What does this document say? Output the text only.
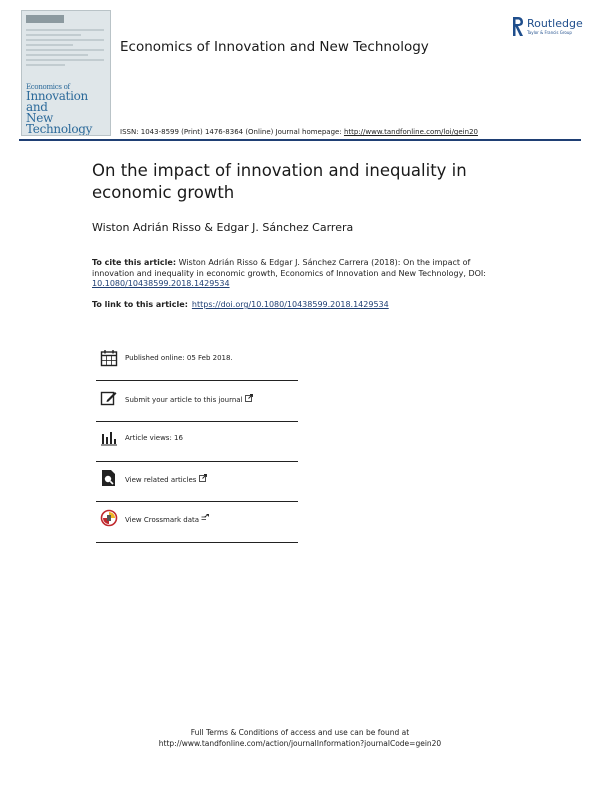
Economics of
Innovation and
New Technology
Economics of Innovation and New Technology
Routledge
Taylor & Francis Group
ISSN: 1043-8599 (Print) 1476-8364 (Online) Journal homepage: http://www.tandfonline.com/loi/gein20
On the impact of innovation and inequality in economic growth
Wiston Adrián Risso & Edgar J. Sánchez Carrera
To cite this article: Wiston Adrián Risso & Edgar J. Sánchez Carrera (2018): On the impact of innovation and inequality in economic growth, Economics of Innovation and New Technology, DOI: 10.1080/10438599.2018.1429534
To link to this article: https://doi.org/10.1080/10438599.2018.1429534
Published online: 05 Feb 2018.
Submit your article to this journal
Article views: 16
View related articles
View Crossmark data
Full Terms & Conditions of access and use can be found at
http://www.tandfonline.com/action/journalInformation?journalCode=gein20
